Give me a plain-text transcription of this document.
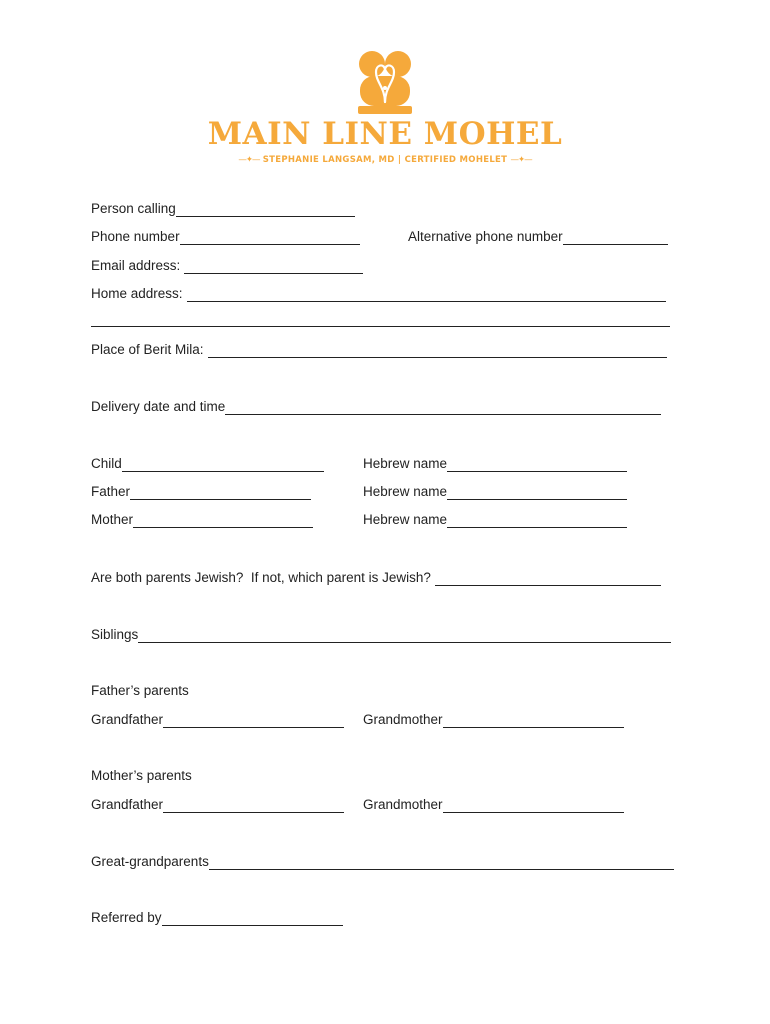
MAIN LINE MOHEL
—✦— STEPHANIE LANGSAM, MD | CERTIFIED MOHELET —✦—
Person calling
Phone number	Alternative phone number
Email address:
Home address:
Place of Berit Mila:
Delivery date and time
Child	Hebrew name
Father	Hebrew name
Mother	Hebrew name
Are both parents Jewish?  If not, which parent is Jewish?
Siblings
Father’s parents
Grandfather	Grandmother
Mother’s parents
Grandfather	Grandmother
Great-grandparents
Referred by
